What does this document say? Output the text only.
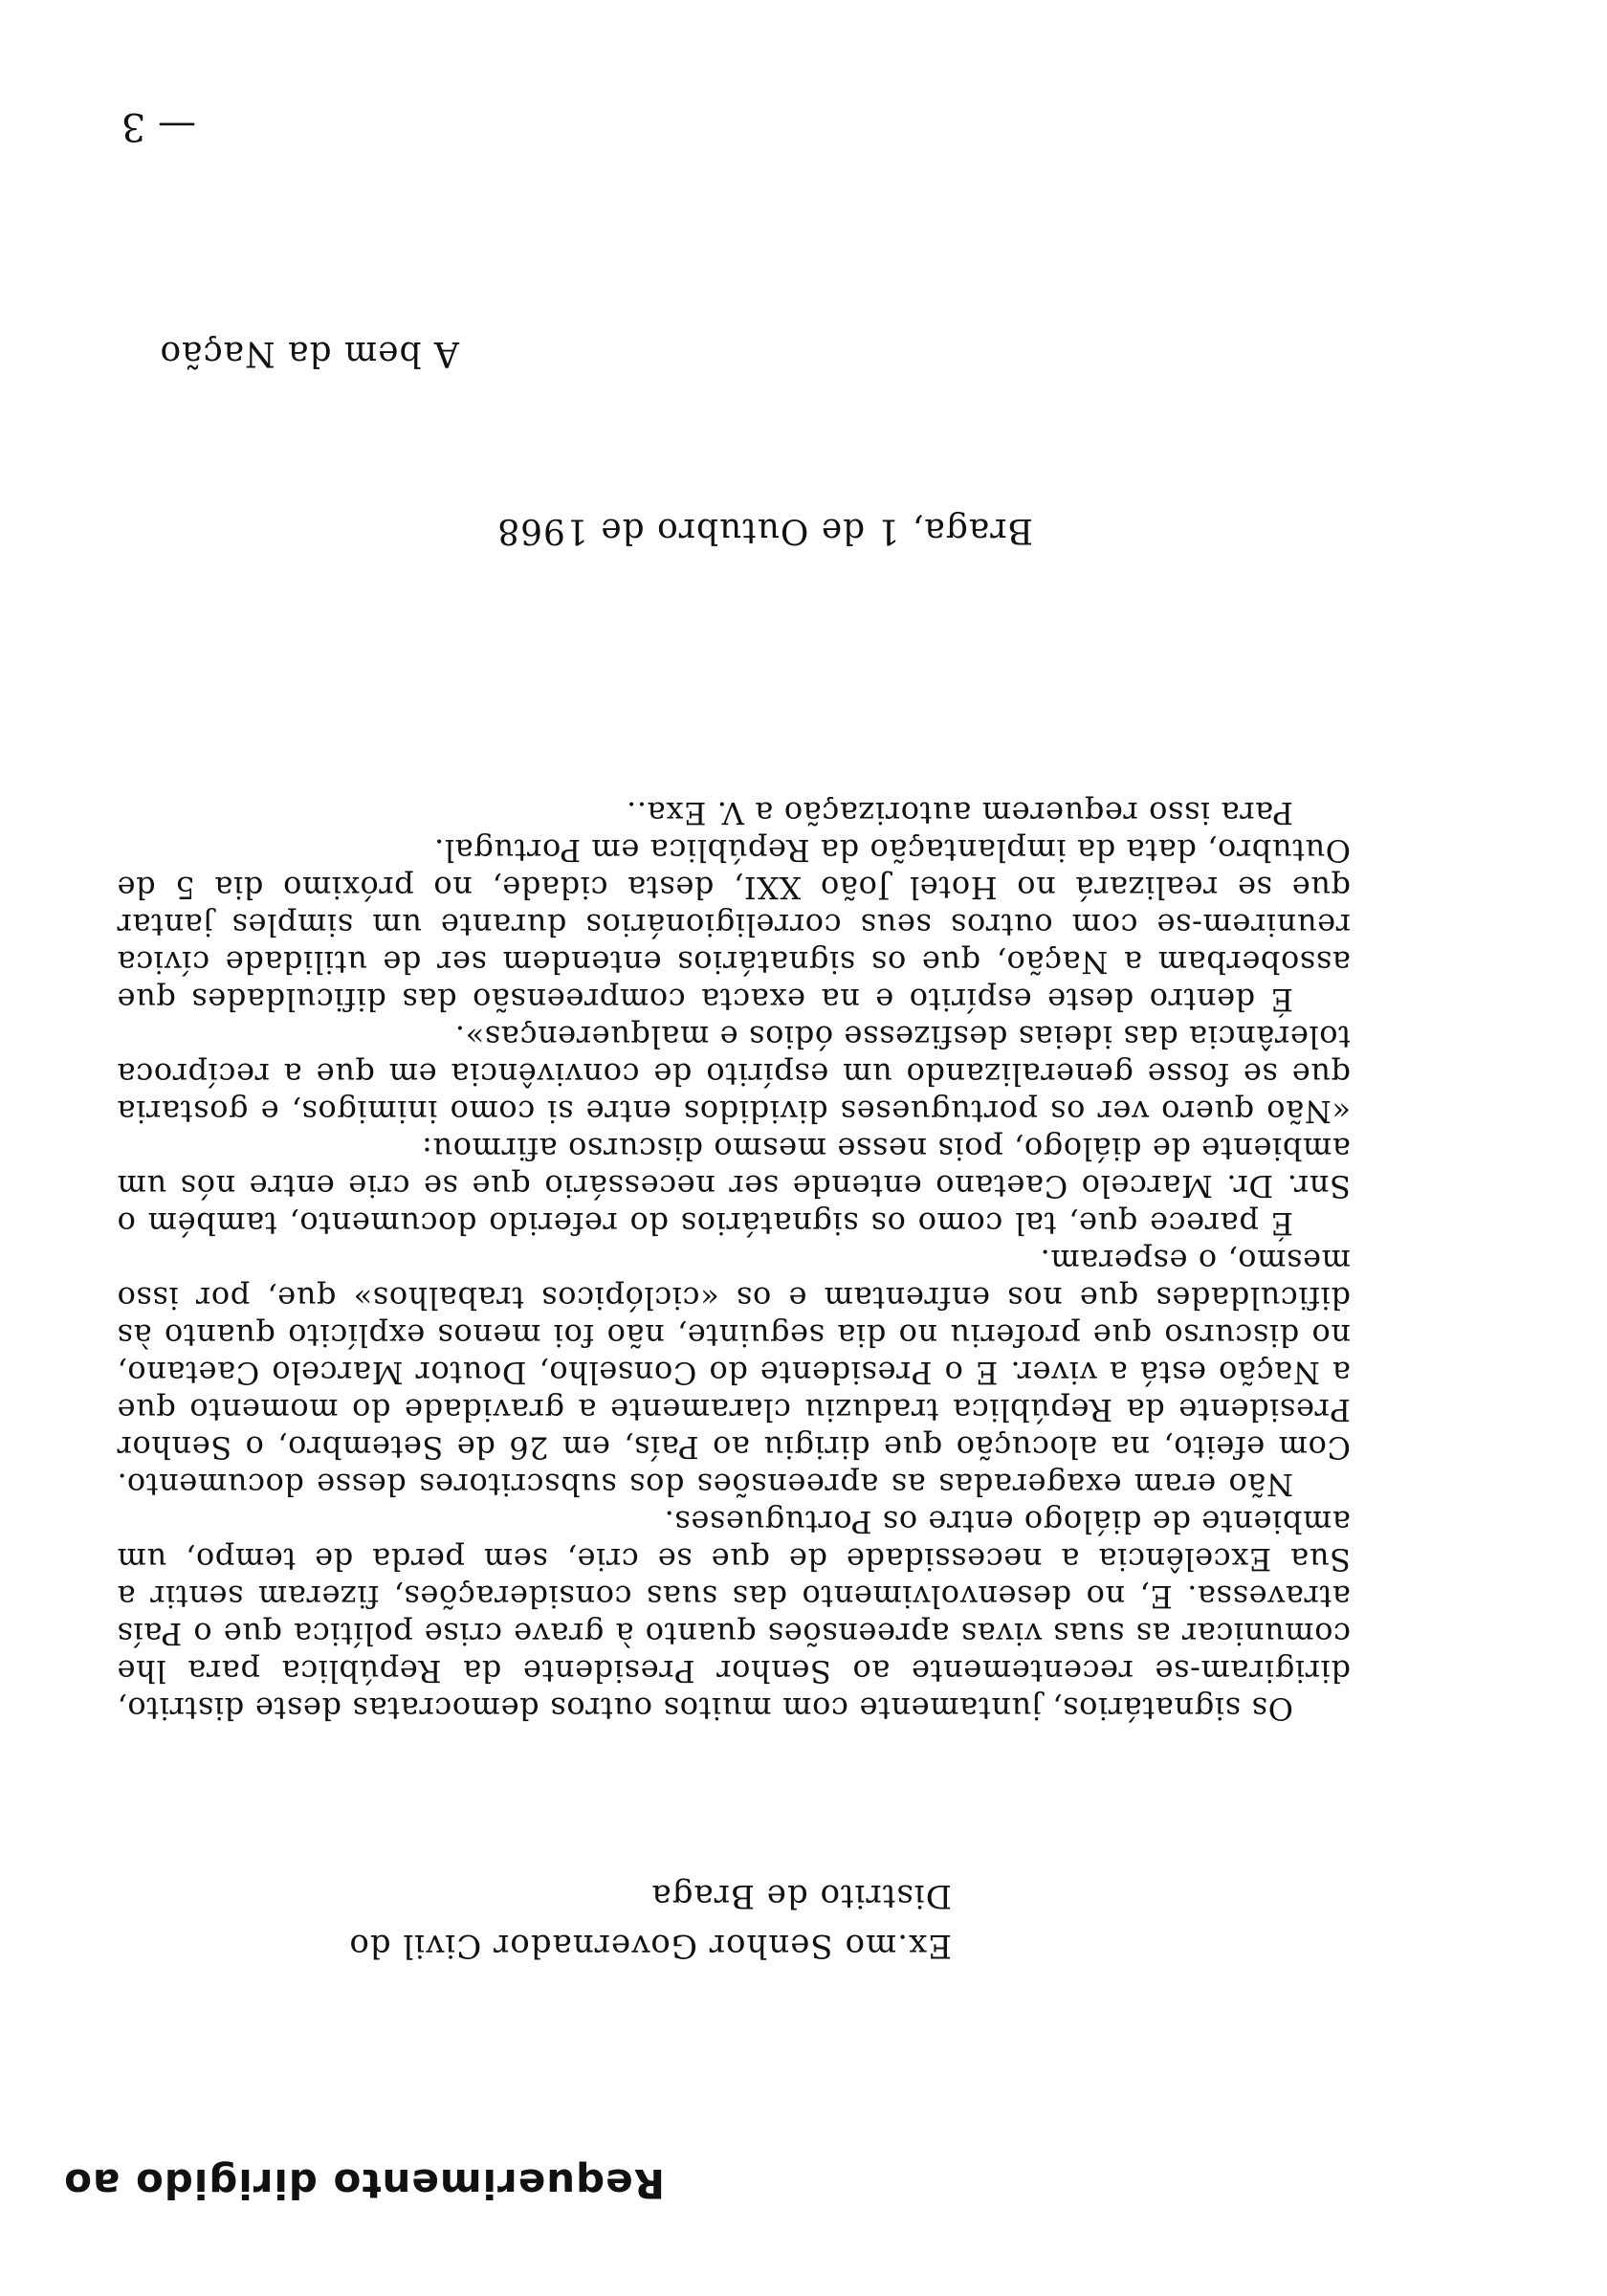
Requerimento dirigido ao
Ex.mo Senhor Governador Civil do
Distrito de Braga

Os signatários, juntamente com muitos outros democratas deste distrito, dirigiram-se recentemente ao Senhor Presidente da República para lhe comunicar as suas vivas apreensões quanto à grave crise política que o País atravessa. E, no desenvolvimento das suas considerações, fizeram sentir a Sua Excelência a necessidade de que se crie, sem perda de tempo, um ambiente de diálogo entre os Portugueses.

Não eram exageradas as apreensões dos subscritores desse documento. Com efeito, na alocução que dirigiu ao País, em 26 de Setembro, o Senhor Presidente da República traduziu claramente a gravidade do momento que a Nação está a viver. E o Presidente do Conselho, Doutor Marcelo Caetano, no discurso que proferiu no dia seguinte, não foi menos explícito quanto às dificuldades que nos enfrentam e os «ciclópicos trabalhos» que, por isso mesmo, o esperam.

É parece que, tal como os signatários do referido documento, também o Snr. Dr. Marcelo Caetano entende ser necessário que se crie entre nós um ambiente de diálogo, pois nesse mesmo discurso afirmou:

«Não quero ver os portugueses divididos entre si como inimigos, e gostaria que se fosse generalizando um espírito de convivência em que a recíproca tolerância das ideias desfizesse ódios e malquerenças».

É dentro deste espírito e na exacta compreensão das dificuldades que assoberbam a Nação, que os signatários entendem ser de utilidade cívica reunirem-se com outros seus correligionários durante um simples jantar que se realizará no Hotel João XXI, desta cidade, no próximo dia 5 de Outubro, data da implantação da República em Portugal.

Para isso requerem autorização a V. Exa..

Braga, 1 de Outubro de 1968
A bem da Nação
— 3
